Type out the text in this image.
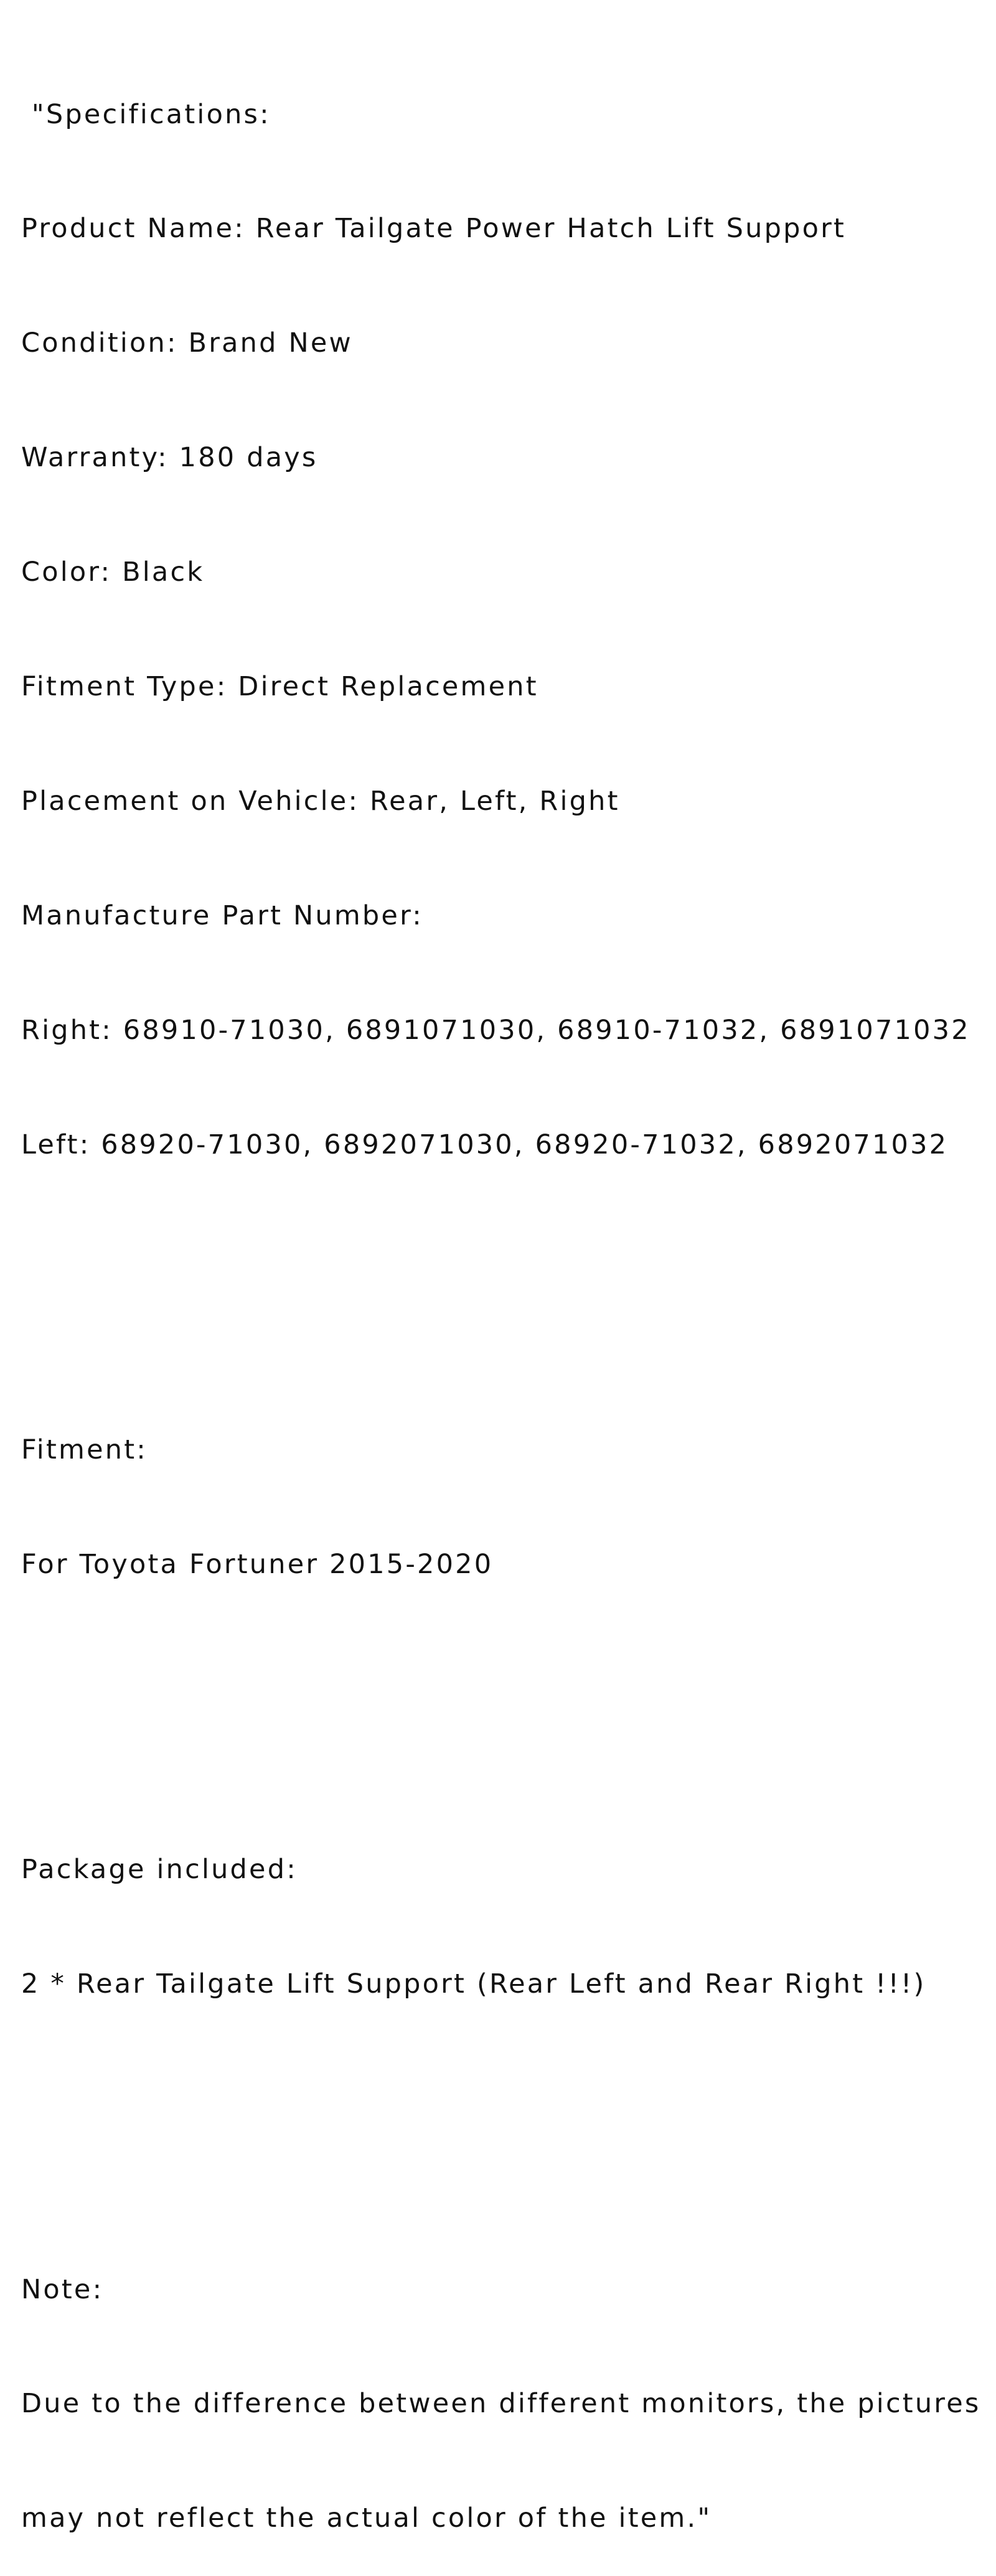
"Specifications:

Product Name: Rear Tailgate Power Hatch Lift Support

Condition: Brand New

Warranty: 180 days

Color: Black

Fitment Type: Direct Replacement

Placement on Vehicle: Rear, Left, Right

Manufacture Part Number:

Right: 68910-71030, 6891071030, 68910-71032, 6891071032

Left: 68920-71030, 6892071030, 68920-71032, 6892071032

Fitment:

For Toyota Fortuner 2015-2020

Package included:

2 * Rear Tailgate Lift Support (Rear Left and Rear Right !!!)

Note:

Due to the difference between different monitors, the pictures

may not reflect the actual color of the item."
